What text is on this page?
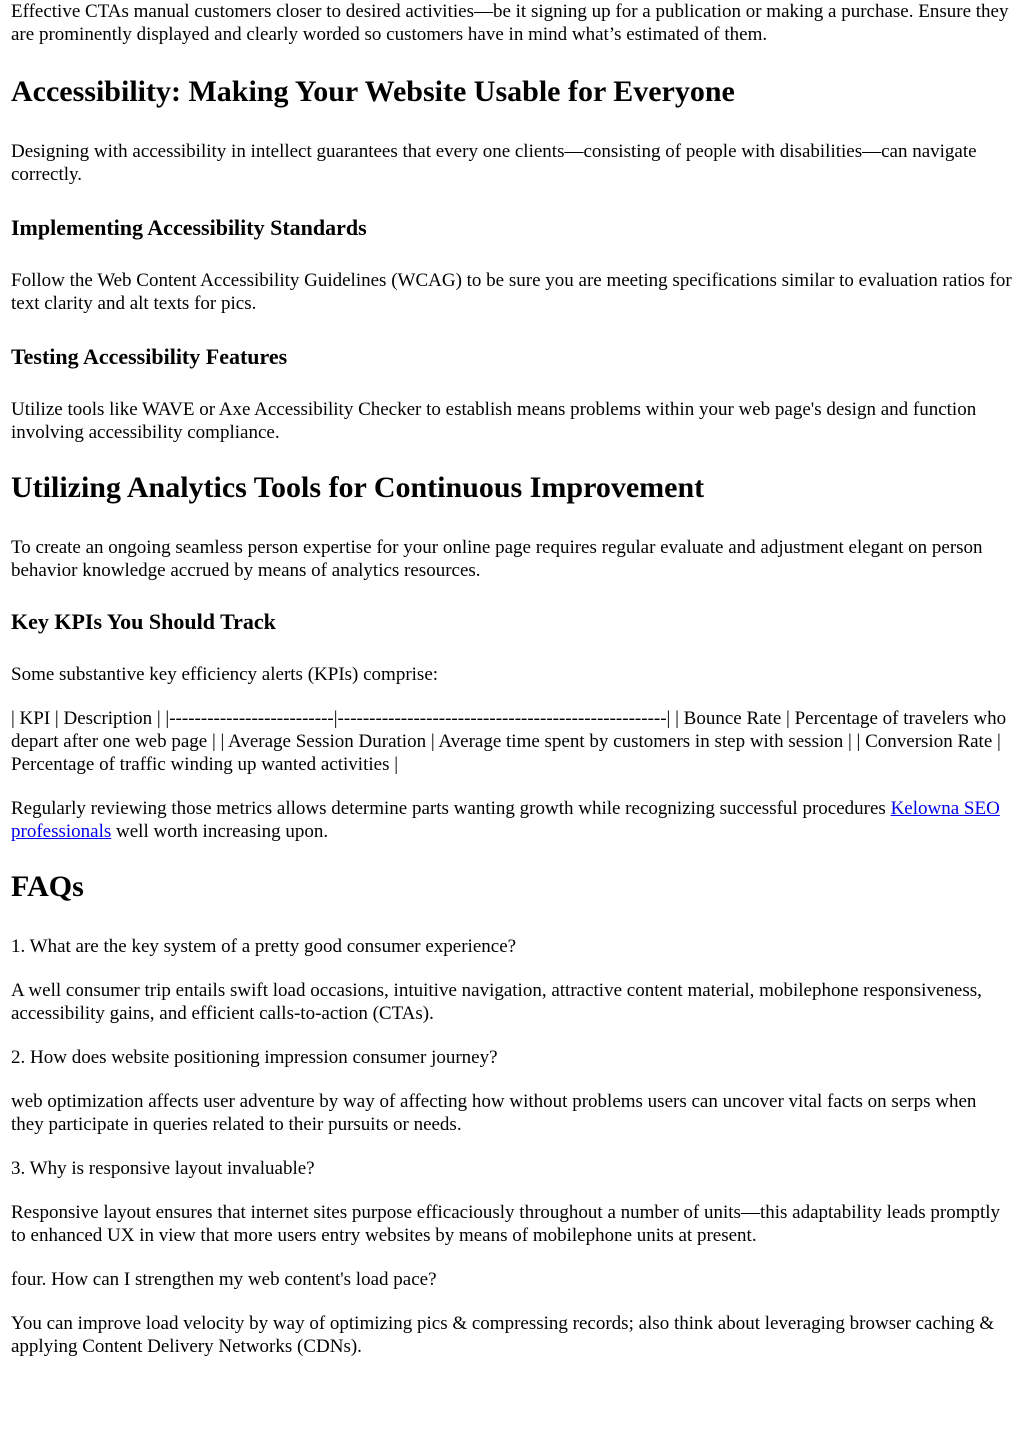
Effective CTAs manual customers closer to desired activities—be it signing up for a publication or making a purchase. Ensure they are prominently displayed and clearly worded so customers have in mind what’s estimated of them.

Accessibility: Making Your Website Usable for Everyone

Designing with accessibility in intellect guarantees that every one clients—consisting of people with disabilities—can navigate correctly.

Implementing Accessibility Standards

Follow the Web Content Accessibility Guidelines (WCAG) to be sure you are meeting specifications similar to evaluation ratios for text clarity and alt texts for pics.

Testing Accessibility Features

Utilize tools like WAVE or Axe Accessibility Checker to establish means problems within your web page's design and function involving accessibility compliance.

Utilizing Analytics Tools for Continuous Improvement

To create an ongoing seamless person expertise for your online page requires regular evaluate and adjustment elegant on person behavior knowledge accrued by means of analytics resources.

Key KPIs You Should Track

Some substantive key efficiency alerts (KPIs) comprise:

| KPI | Description | |--------------------------|----------------------------------------------------| | Bounce Rate | Percentage of travelers who depart after one web page | | Average Session Duration | Average time spent by customers in step with session | | Conversion Rate | Percentage of traffic winding up wanted activities |

Regularly reviewing those metrics allows determine parts wanting growth while recognizing successful procedures Kelowna SEO professionals well worth increasing upon.

FAQs

1. What are the key system of a pretty good consumer experience?

A well consumer trip entails swift load occasions, intuitive navigation, attractive content material, mobilephone responsiveness, accessibility gains, and efficient calls-to-action (CTAs).

2. How does website positioning impression consumer journey?

web optimization affects user adventure by way of affecting how without problems users can uncover vital facts on serps when they participate in queries related to their pursuits or needs.

3. Why is responsive layout invaluable?

Responsive layout ensures that internet sites purpose efficaciously throughout a number of units—this adaptability leads promptly to enhanced UX in view that more users entry websites by means of mobilephone units at present.

four. How can I strengthen my web content's load pace?

You can improve load velocity by way of optimizing pics & compressing records; also think about leveraging browser caching & applying Content Delivery Networks (CDNs).
